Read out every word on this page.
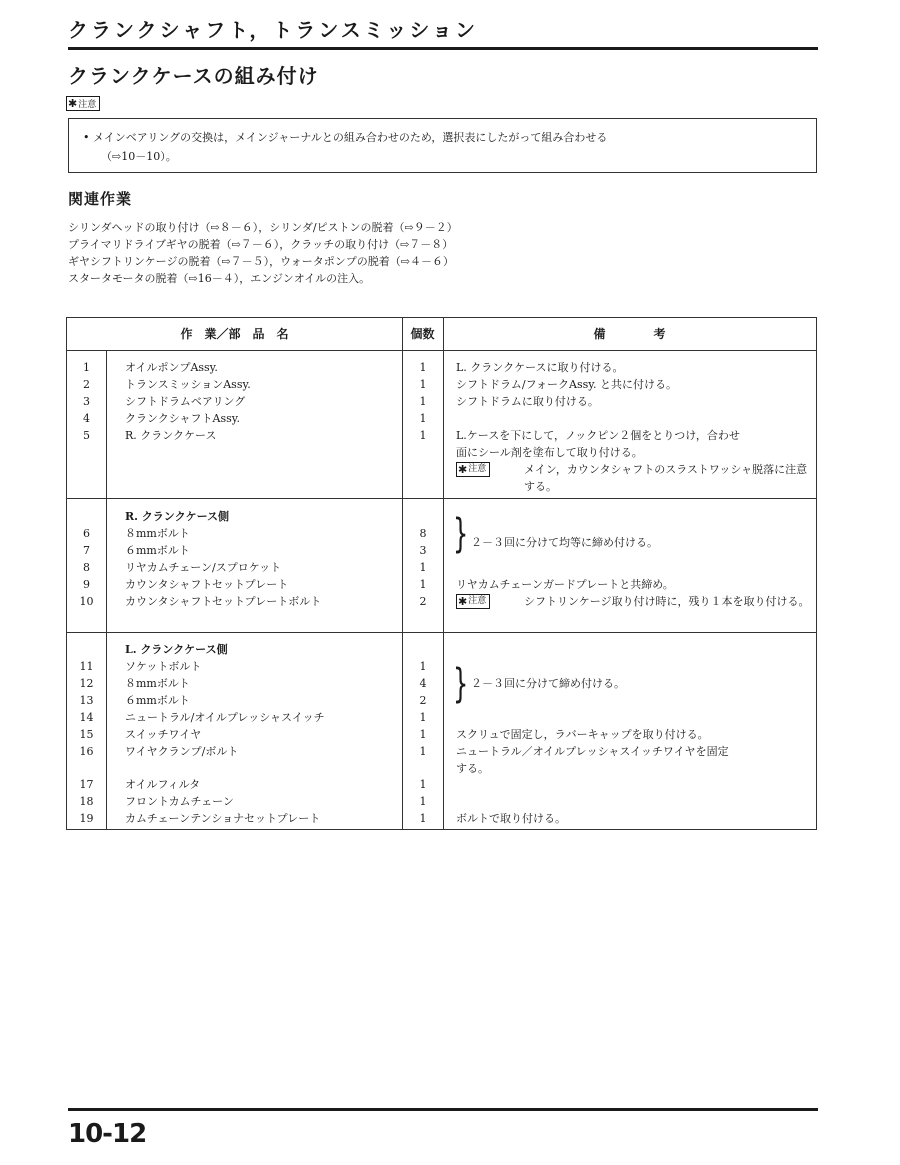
クランクシャフト，トランスミッション
クランクケースの組み付け
✱ 注意
• メインベアリングの交換は，メインジャーナルとの組み合わせのため，選択表にしたがって組み合わせる
（⇨10－10）。
関連作業
シリンダヘッドの取り付け（⇨８－６），シリンダ/ピストンの脱着（⇨９－２）
プライマリドライブギヤの脱着（⇨７－６），クラッチの取り付け（⇨７－８）
ギヤシフトリンケージの脱着（⇨７－５），ウォータポンプの脱着（⇨４－６）
スタータモータの脱着（⇨16－４），エンジンオイルの注入。
作　業／部　品　名	個数	備　　　　考
1	オイルポンプAssy.	1	L. クランクケースに取り付ける。
2	トランスミッションAssy.	1	シフトドラム/フォークAssy. と共に付ける。
3	シフトドラムベアリング	1	シフトドラムに取り付ける。
4	クランクシャフトAssy.	1
5	R. クランクケース	1	L.ケースを下にして，ノックピン２個をとりつけ，合わせ
面にシール剤を塗布して取り付ける。
✱ 注意	メイン，カウンタシャフトのスラストワッシャ脱落に注意する。
R. クランクケース側
6	８mmボルト	8
7	６mmボルト	3 } ２－３回に分けて均等に締め付ける。
8	リヤカムチェーン/スプロケット	1
9	カウンタシャフトセットプレート	1	リヤカムチェーンガードプレートと共締め。
10	カウンタシャフトセットプレートボルト	2	✱ 注意	シフトリンケージ取り付け時に，残り１本を取り付ける。
L. クランクケース側
11	ソケットボルト	1
12	８mmボルト	4 } ２－３回に分けて締め付ける。
13	６mmボルト	2
14	ニュートラル/オイルプレッシャスイッチ	1
15	スイッチワイヤ	1	スクリュで固定し，ラバーキャップを取り付ける。
16	ワイヤクランプ/ボルト	1	ニュートラル／オイルプレッシャスイッチワイヤを固定
する。
17	オイルフィルタ	1
18	フロントカムチェーン	1
19	カムチェーンテンショナセットプレート	1	ボルトで取り付ける。
10-12
